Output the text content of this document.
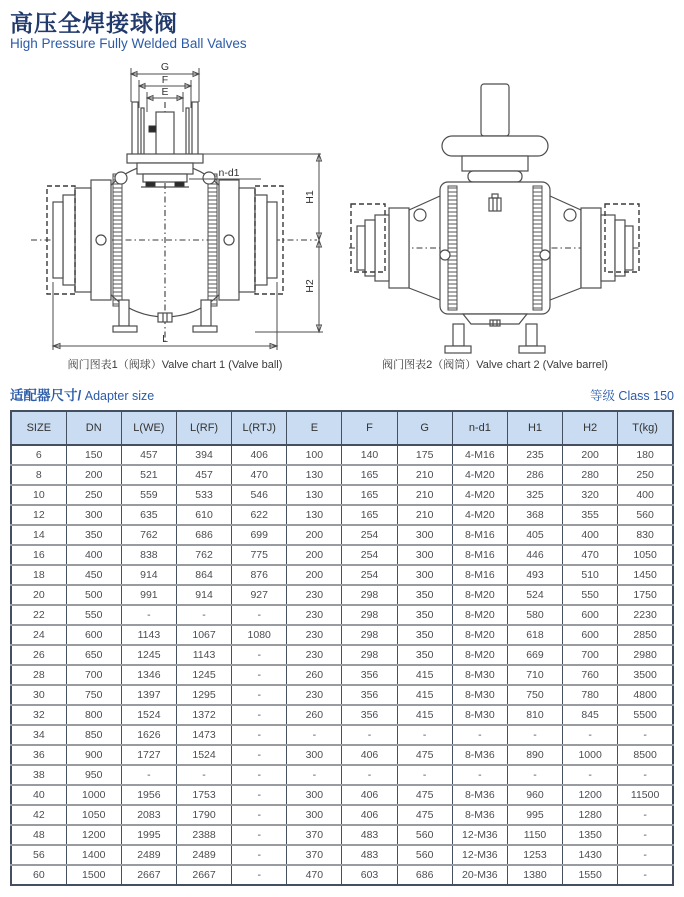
高压全焊接球阀
High Pressure Fully Welded Ball Valves
G
F
E
n-d1
H1
H2
L
阀门图表1（阀球）Valve chart 1 (Valve ball)	阀门图表2（阀筒）Valve chart 2 (Valve barrel)
适配器尺寸/ Adapter size	等级 Class 150
SIZE	DN	L(WE)	L(RF)	L(RTJ)	E	F	G	n-d1	H1	H2	T(kg)
6	150	457	394	406	100	140	175	4-M16	235	200	180
8	200	521	457	470	130	165	210	4-M20	286	280	250
10	250	559	533	546	130	165	210	4-M20	325	320	400
12	300	635	610	622	130	165	210	4-M20	368	355	560
14	350	762	686	699	200	254	300	8-M16	405	400	830
16	400	838	762	775	200	254	300	8-M16	446	470	1050
18	450	914	864	876	200	254	300	8-M16	493	510	1450
20	500	991	914	927	230	298	350	8-M20	524	550	1750
22	550	-	-	-	230	298	350	8-M20	580	600	2230
24	600	1143	1067	1080	230	298	350	8-M20	618	600	2850
26	650	1245	1143	-	230	298	350	8-M20	669	700	2980
28	700	1346	1245	-	260	356	415	8-M30	710	760	3500
30	750	1397	1295	-	230	356	415	8-M30	750	780	4800
32	800	1524	1372	-	260	356	415	8-M30	810	845	5500
34	850	1626	1473	-	-	-	-	-	-	-	-
36	900	1727	1524	-	300	406	475	8-M36	890	1000	8500
38	950	-	-	-	-	-	-	-	-	-	-
40	1000	1956	1753	-	300	406	475	8-M36	960	1200	11500
42	1050	2083	1790	-	300	406	475	8-M36	995	1280	-
48	1200	1995	2388	-	370	483	560	12-M36	1150	1350	-
56	1400	2489	2489	-	370	483	560	12-M36	1253	1430	-
60	1500	2667	2667	-	470	603	686	20-M36	1380	1550	-
